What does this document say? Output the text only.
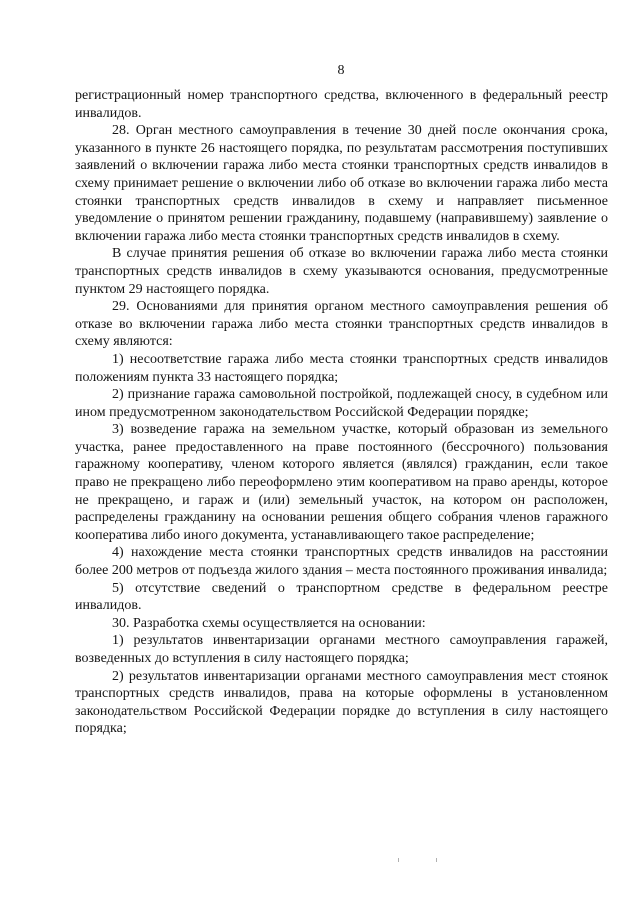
8

регистрационный номер транспортного средства, включенного в федеральный реестр инвалидов.

28. Орган местного самоуправления в течение 30 дней после окончания срока, указанного в пункте 26 настоящего порядка, по результатам рассмотрения поступивших заявлений о включении гаража либо места стоянки транспортных средств инвалидов в схему принимает решение о включении либо об отказе во включении гаража либо места стоянки транспортных средств инвалидов в схему и направляет письменное уведомление о принятом решении гражданину, подавшему (направившему) заявление о включении гаража либо места стоянки транспортных средств инвалидов в схему.

В случае принятия решения об отказе во включении гаража либо места стоянки транспортных средств инвалидов в схему указываются основания, предусмотренные пунктом 29 настоящего порядка.

29. Основаниями для принятия органом местного самоуправления решения об отказе во включении гаража либо места стоянки транспортных средств инвалидов в схему являются:

1) несоответствие гаража либо места стоянки транспортных средств инвалидов положениям пункта 33 настоящего порядка;

2) признание гаража самовольной постройкой, подлежащей сносу, в судебном или ином предусмотренном законодательством Российской Федерации порядке;

3) возведение гаража на земельном участке, который образован из земельного участка, ранее предоставленного на праве постоянного (бессрочного) пользования гаражному кооперативу, членом которого является (являлся) гражданин, если такое право не прекращено либо переоформлено этим кооперативом на право аренды, которое не прекращено, и гараж и (или) земельный участок, на котором он расположен, распределены гражданину на основании решения общего собрания членов гаражного кооператива либо иного документа, устанавливающего такое распределение;

4) нахождение места стоянки транспортных средств инвалидов на расстоянии более 200 метров от подъезда жилого здания – места постоянного проживания инвалида;

5) отсутствие сведений о транспортном средстве в федеральном реестре инвалидов.

30. Разработка схемы осуществляется на основании:

1) результатов инвентаризации органами местного самоуправления гаражей, возведенных до вступления в силу настоящего порядка;

2) результатов инвентаризации органами местного самоуправления мест стоянок транспортных средств инвалидов, права на которые оформлены в установленном законодательством Российской Федерации порядке до вступления в силу настоящего порядка;
